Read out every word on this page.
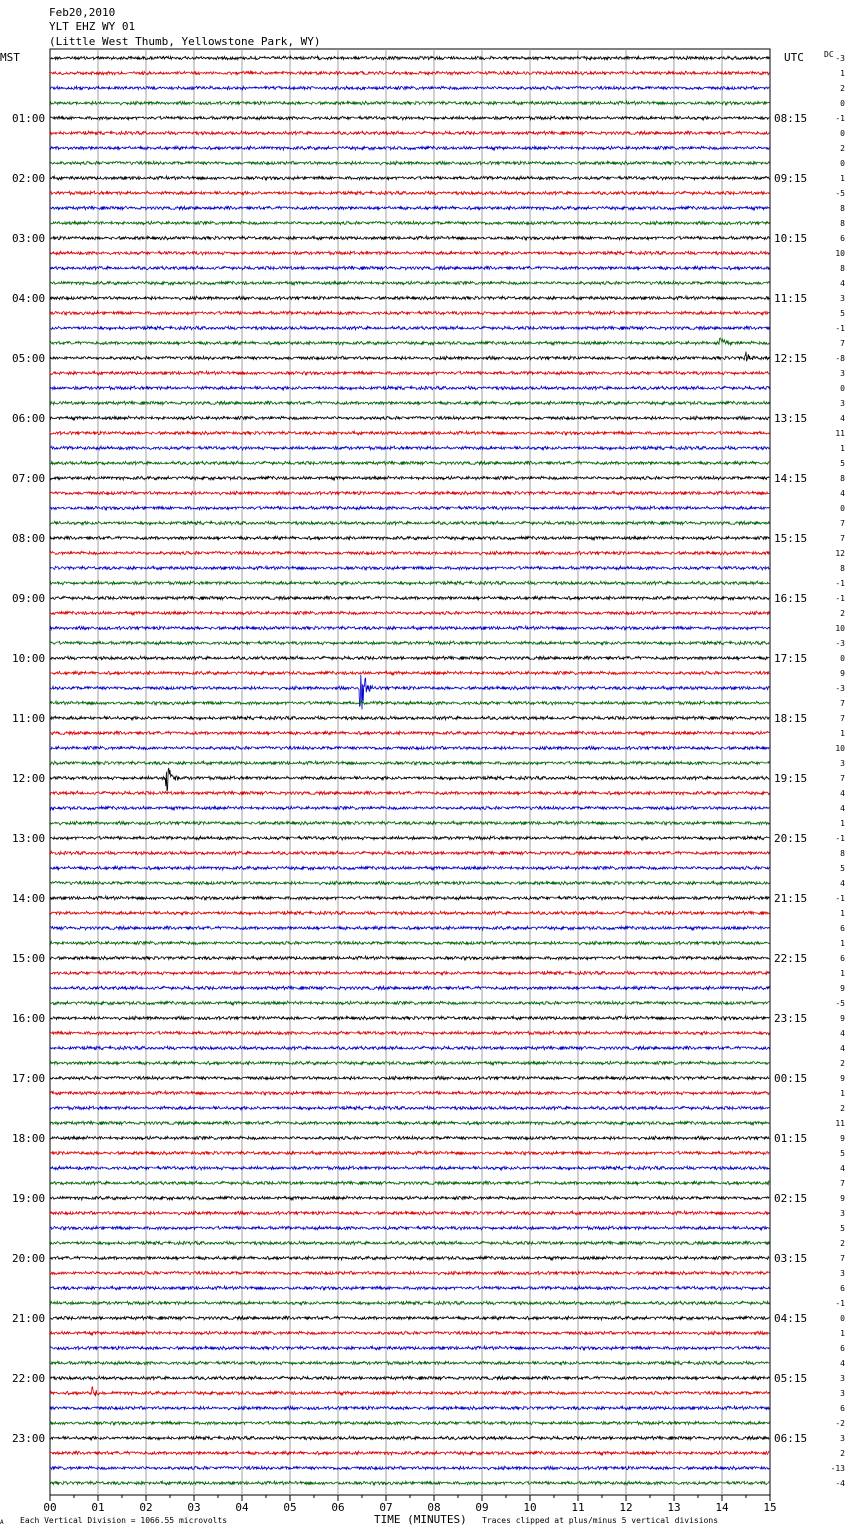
Feb20,2010
YLT EHZ WY 01
(Little West Thumb, Yellowstone Park, WY)
MST	UTC	DC
01:00
02:00
03:00
04:00
05:00
06:00
07:00
08:00
09:00
10:00
11:00
12:00
13:00
14:00
15:00
16:00
17:00
18:00
19:00
20:00
21:00
22:00
23:00
08:15
09:15
10:15
11:15
12:15
13:15
14:15
15:15
16:15
17:15
18:15
19:15
20:15
21:15
22:15
23:15
00:15
01:15
02:15
03:15
04:15
05:15
06:15
-3
1
2
0
-1
0
2
0
1
-5
8
8
6
10
8
4
3
5
-1
7
-8
3
0
3
4
11
1
5
8
4
0
7
7
12
8
-1
-1
2
10
-3
0
9
-3
7
7
1
10
3
7
4
4
1
-1
8
5
4
-1
1
6
1
6
1
9
-5
9
4
4
2
9
1
2
11
9
5
4
7
9
3
5
2
7
3
6
-1
0
1
6
4
3
3
6
-2
3
2
-13
-4
00	01	02	03	04	05	06	07	08	09	10	11	12	13	14	15
A Each Vertical Division = 1066.55 microvolts	TIME (MINUTES) Traces clipped at plus/minus 5 vertical divisions
